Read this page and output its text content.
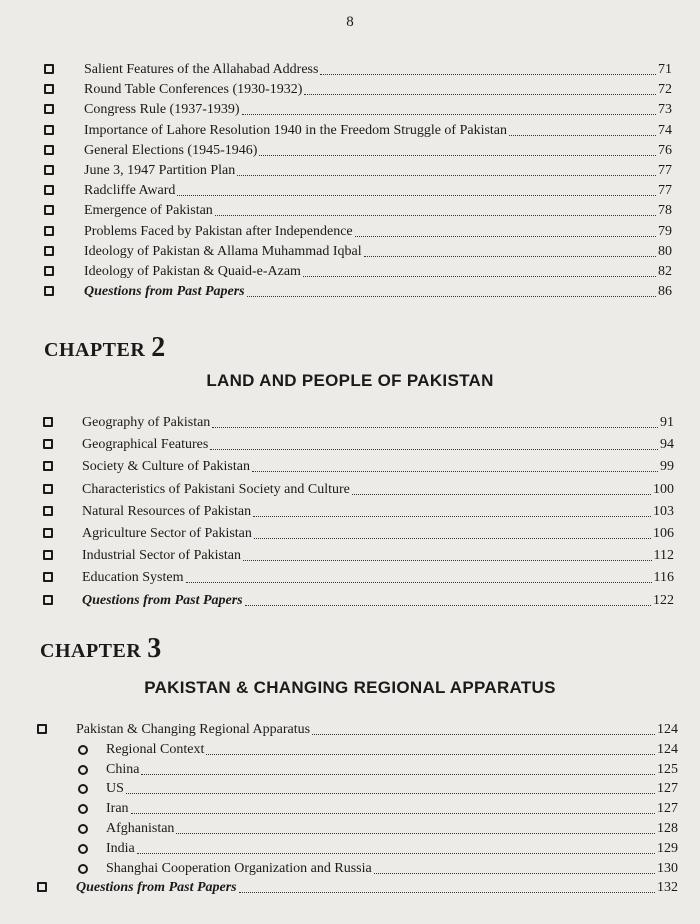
8
Salient Features of the Allahabad Address	71
Round Table Conferences (1930-1932)	72
Congress Rule (1937-1939)	73
Importance of Lahore Resolution 1940 in the Freedom Struggle of Pakistan	74
General Elections (1945-1946)	76
June 3, 1947 Partition Plan	77
Radcliffe Award	77
Emergence of Pakistan	78
Problems Faced by Pakistan after Independence	79
Ideology of Pakistan & Allama Muhammad Iqbal	80
Ideology of Pakistan & Quaid-e-Azam	82
Questions from Past Papers	86
CHAPTER 2
LAND AND PEOPLE OF PAKISTAN
Geography of Pakistan	91
Geographical Features	94
Society & Culture of Pakistan	99
Characteristics of Pakistani Society and Culture	100
Natural Resources of Pakistan	103
Agriculture Sector of Pakistan	106
Industrial Sector of Pakistan	112
Education System	116
Questions from Past Papers	122
CHAPTER 3
PAKISTAN & CHANGING REGIONAL APPARATUS
Pakistan & Changing Regional Apparatus	124
Regional Context	124
China	125
US	127
Iran	127
Afghanistan	128
India	129
Shanghai Cooperation Organization and Russia	130
Questions from Past Papers	132
